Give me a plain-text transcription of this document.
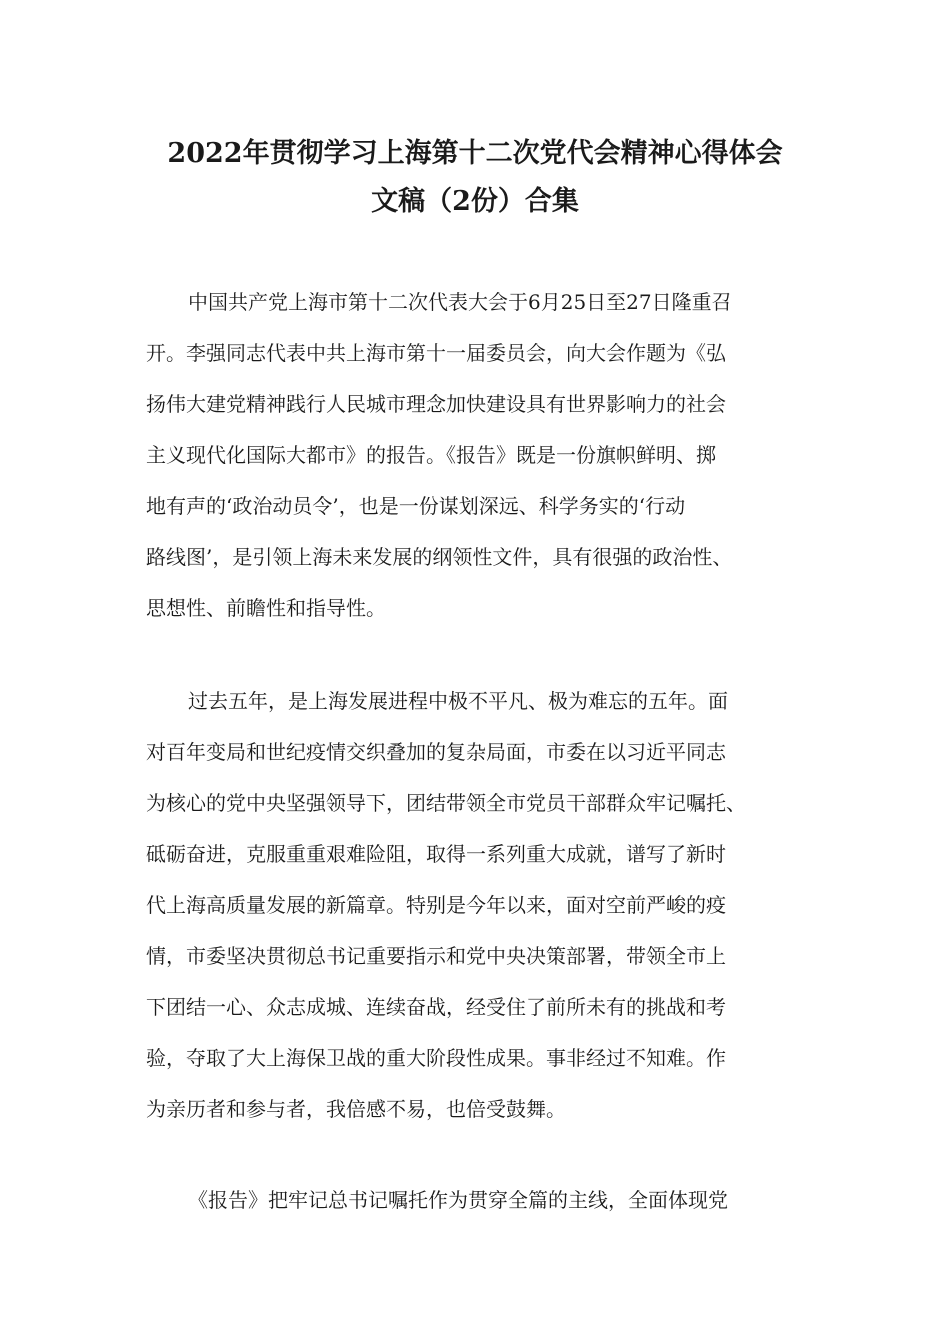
2022年贯彻学习上海第十二次党代会精神心得体会
文稿（2份）合集
中国共产党上海市第十二次代表大会于6月25日至27日隆重召
开。李强同志代表中共上海市第十一届委员会，向大会作题为《弘
扬伟大建党精神践行人民城市理念加快建设具有世界影响力的社会
主义现代化国际大都市》的报告。《报告》既是一份旗帜鲜明、掷
地有声的‘政治动员令’，也是一份谋划深远、科学务实的‘行动
路线图’，是引领上海未来发展的纲领性文件，具有很强的政治性、
思想性、前瞻性和指导性。
过去五年，是上海发展进程中极不平凡、极为难忘的五年。面
对百年变局和世纪疫情交织叠加的复杂局面，市委在以习近平同志
为核心的党中央坚强领导下，团结带领全市党员干部群众牢记嘱托、
砥砺奋进，克服重重艰难险阻，取得一系列重大成就，谱写了新时
代上海高质量发展的新篇章。特别是今年以来，面对空前严峻的疫
情，市委坚决贯彻总书记重要指示和党中央决策部署，带领全市上
下团结一心、众志成城、连续奋战，经受住了前所未有的挑战和考
验，夺取了大上海保卫战的重大阶段性成果。事非经过不知难。作
为亲历者和参与者，我倍感不易，也倍受鼓舞。
《报告》把牢记总书记嘱托作为贯穿全篇的主线，全面体现党
